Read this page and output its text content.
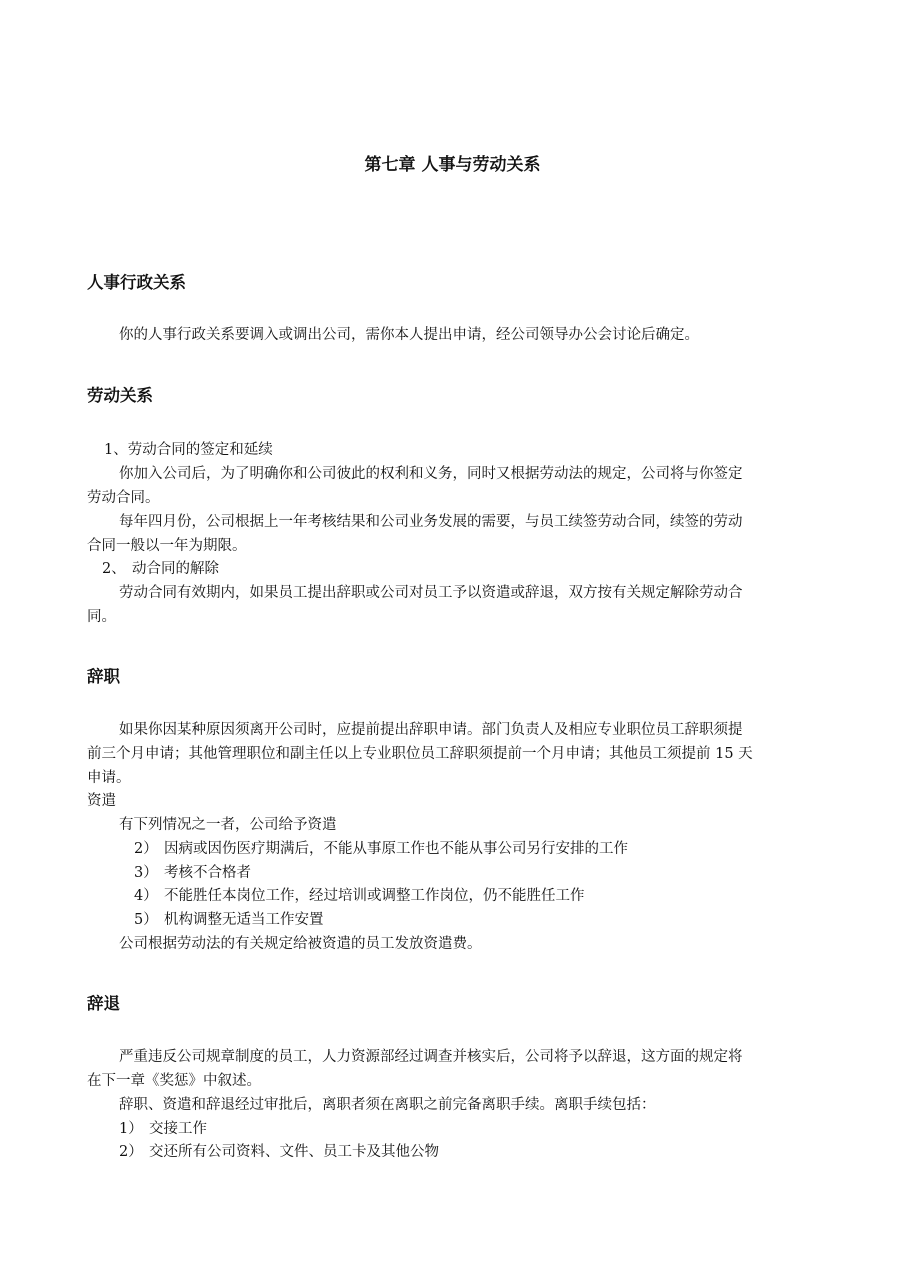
第七章 人事与劳动关系
人事行政关系
你的人事行政关系要调入或调出公司，需你本人提出申请，经公司领导办公会讨论后确定。
劳动关系
1、劳动合同的签定和延续
你加入公司后，为了明确你和公司彼此的权利和义务，同时又根据劳动法的规定，公司将与你签定
劳动合同。
每年四月份，公司根据上一年考核结果和公司业务发展的需要，与员工续签劳动合同，续签的劳动
合同一般以一年为期限。
2、 动合同的解除
劳动合同有效期内，如果员工提出辞职或公司对员工予以资遣或辞退，双方按有关规定解除劳动合
同。
辞职
如果你因某种原因须离开公司时，应提前提出辞职申请。部门负责人及相应专业职位员工辞职须提
前三个月申请；其他管理职位和副主任以上专业职位员工辞职须提前一个月申请；其他员工须提前 15 天
申请。
资遣
有下列情况之一者，公司给予资遣
2） 因病或因伤医疗期满后，不能从事原工作也不能从事公司另行安排的工作
3） 考核不合格者
4） 不能胜任本岗位工作，经过培训或调整工作岗位，仍不能胜任工作
5） 机构调整无适当工作安置
公司根据劳动法的有关规定给被资遣的员工发放资遣费。
辞退
严重违反公司规章制度的员工，人力资源部经过调查并核实后，公司将予以辞退，这方面的规定将
在下一章《奖惩》中叙述。
辞职、资遣和辞退经过审批后，离职者须在离职之前完备离职手续。离职手续包括：
1） 交接工作
2） 交还所有公司资料、文件、员工卡及其他公物
